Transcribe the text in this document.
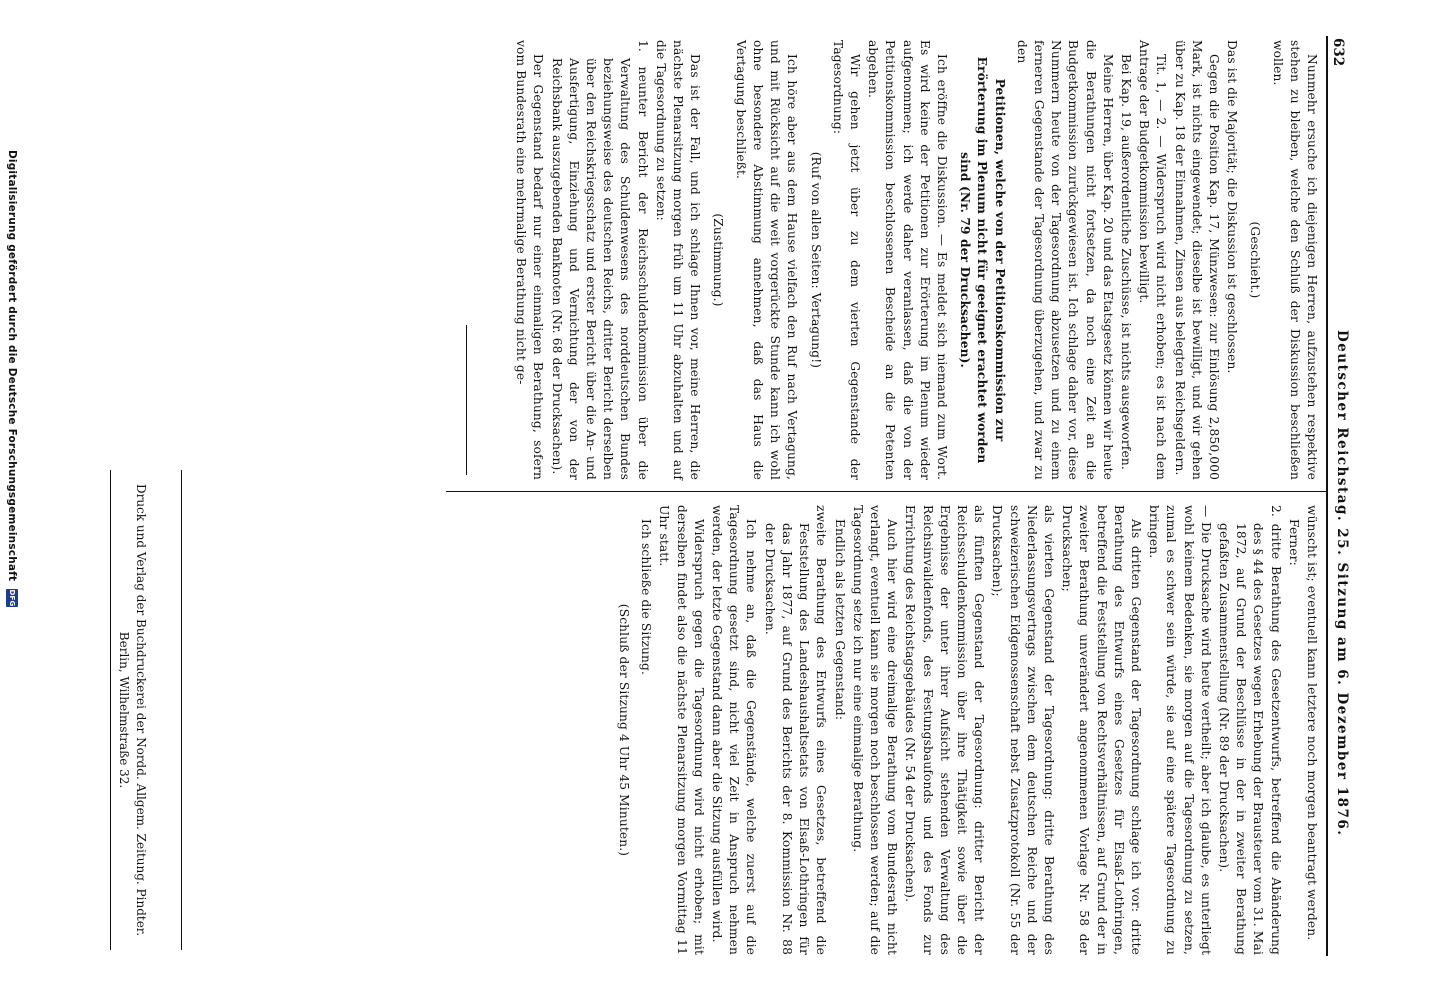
632
Deutscher Reichstag. 25. Sitzung am 6. Dezember 1876.
Nunmehr ersuche ich diejenigen Herren, aufzustehen respektive stehen zu bleiben, welche den Schluß der Diskussion beschließen wollen.
(Geschieht.)
Das ist die Majorität; die Diskussion ist geschlossen.
Gegen die Position Kap. 17, Münzwesen: zur Einlösung 2,850,000 Mark, ist nichts eingewendet; dieselbe ist bewilligt, und wir gehen über zu Kap. 18 der Einnahmen, Zinsen aus belegten Reichsgeldern.
Tit. 1, — 2. — Widerspruch wird nicht erhoben; es ist nach dem Antrage der Budgetkommission bewilligt.
Bei Kap. 19, außerordentliche Zuschüsse, ist nichts ausgeworfen.
Meine Herren, über Kap. 20 und das Etatsgesetz können wir heute die Berathungen nicht fortsetzen, da noch eine Zeit an die Budgetkommission zurückgewiesen ist. Ich schlage daher vor, diese Nummern heute von der Tagesordnung abzusetzen und zu einem ferneren Gegenstande der Tagesordnung überzugehen, und zwar zu den
Petitionen, welche von der Petitionskommission zur Erörterung im Plenum nicht für geeignet erachtet worden sind (Nr. 79 der Drucksachen).
Ich eröffne die Diskussion. — Es meldet sich niemand zum Wort. Es wird keine der Petitionen zur Erörterung im Plenum wieder aufgenommen; ich werde daher veranlassen, daß die von der Petitionskommission beschlossenen Bescheide an die Petenten abgehen.
Wir gehen jetzt über zu dem vierten Gegenstande der Tagesordnung:
(Ruf von allen Seiten: Vertagung!)
Ich höre aber aus dem Hause vielfach den Ruf nach Vertagung, und mit Rücksicht auf die weit vorgerückte Stunde kann ich wohl ohne besondere Abstimmung annehmen, daß das Haus die Vertagung beschließt.
(Zustimmung.)
Das ist der Fall, und ich schlage Ihnen vor, meine Herren, die nächste Plenarsitzung morgen früh um 11 Uhr abzuhalten und auf die Tagesordnung zu setzen:
1. neunter Bericht der Reichsschuldenkommission über die Verwaltung des Schuldenwesens des norddeutschen Bundes beziehungsweise des deutschen Reichs, dritter Bericht derselben über den Reichskriegsschatz und erster Bericht über die An- und Ausfertigung, Einziehung und Vernichtung der von der Reichsbank auszugebenden Banknoten (Nr. 68 der Drucksachen).
Der Gegenstand bedarf nur einer einmaligen Berathung, sofern vom Bundesrath eine mehrmalige Berathung nicht ge-
wünscht ist; eventuell kann letztere noch morgen beantragt werden.
Ferner:
2. dritte Berathung des Gesetzentwurfs, betreffend die Abänderung des § 44 des Gesetzes wegen Erhebung der Brausteuer vom 31. Mai 1872, auf Grund der Beschlüsse in der in zweiter Berathung gefaßten Zusammenstellung (Nr. 89 der Drucksachen).
— Die Drucksache wird heute vertheilt; aber ich glaube, es unterliegt wohl keinem Bedenken, sie morgen auf die Tagesordnung zu setzen, zumal es schwer sein würde, sie auf eine spätere Tagesordnung zu bringen.
Als dritten Gegenstand der Tagesordnung schlage ich vor: dritte Berathung des Entwurfs eines Gesetzes für Elsaß-Lothringen, betreffend die Feststellung von Rechtsverhältnissen, auf Grund der in zweiter Berathung unverändert angenommenen Vorlage Nr. 58 der Drucksachen;
als vierten Gegenstand der Tagesordnung: dritte Berathung des Niederlassungsvertrags zwischen dem deutschen Reiche und der schweizerischen Eidgenossenschaft nebst Zusatzprotokoll (Nr. 55 der Drucksachen);
als fünften Gegenstand der Tagesordnung: dritter Bericht der Reichsschuldenkommission über ihre Thätigkeit sowie über die Ergebnisse der unter ihrer Aufsicht stehenden Verwaltung des Reichsinvalidenfonds, des Festungsbaufonds und des Fonds zur Errichtung des Reichstagsgebäudes (Nr. 54 der Drucksachen).
Auch hier wird eine dreimalige Berathung vom Bundesrath nicht verlangt, eventuell kann sie morgen noch beschlossen werden; auf die Tagesordnung setze ich nur eine einmalige Berathung.
Endlich als letzten Gegenstand:
zweite Berathung des Entwurfs eines Gesetzes, betreffend die Feststellung des Landeshaushaltsetats von Elsaß-Lothringen für das Jahr 1877, auf Grund des Berichts der 8. Kommission Nr. 88 der Drucksachen.
Ich nehme an, daß die Gegenstände, welche zuerst auf die Tagesordnung gesetzt sind, nicht viel Zeit in Anspruch nehmen werden, der letzte Gegenstand dann aber die Sitzung ausfüllen wird.
Widerspruch gegen die Tagesordnung wird nicht erhoben; mit derselben findet also die nächste Plenarsitzung morgen Vormittag 11 Uhr statt.
Ich schließe die Sitzung.
(Schluß der Sitzung 4 Uhr 45 Minuten.)
Druck und Verlag der Buchdruckerei der Nordd. Allgem. Zeitung. Pindter.
Berlin, Wilhelmstraße 32.
Digitalisierung gefördert durch die Deutsche Forschungsgemeinschaft DFG
